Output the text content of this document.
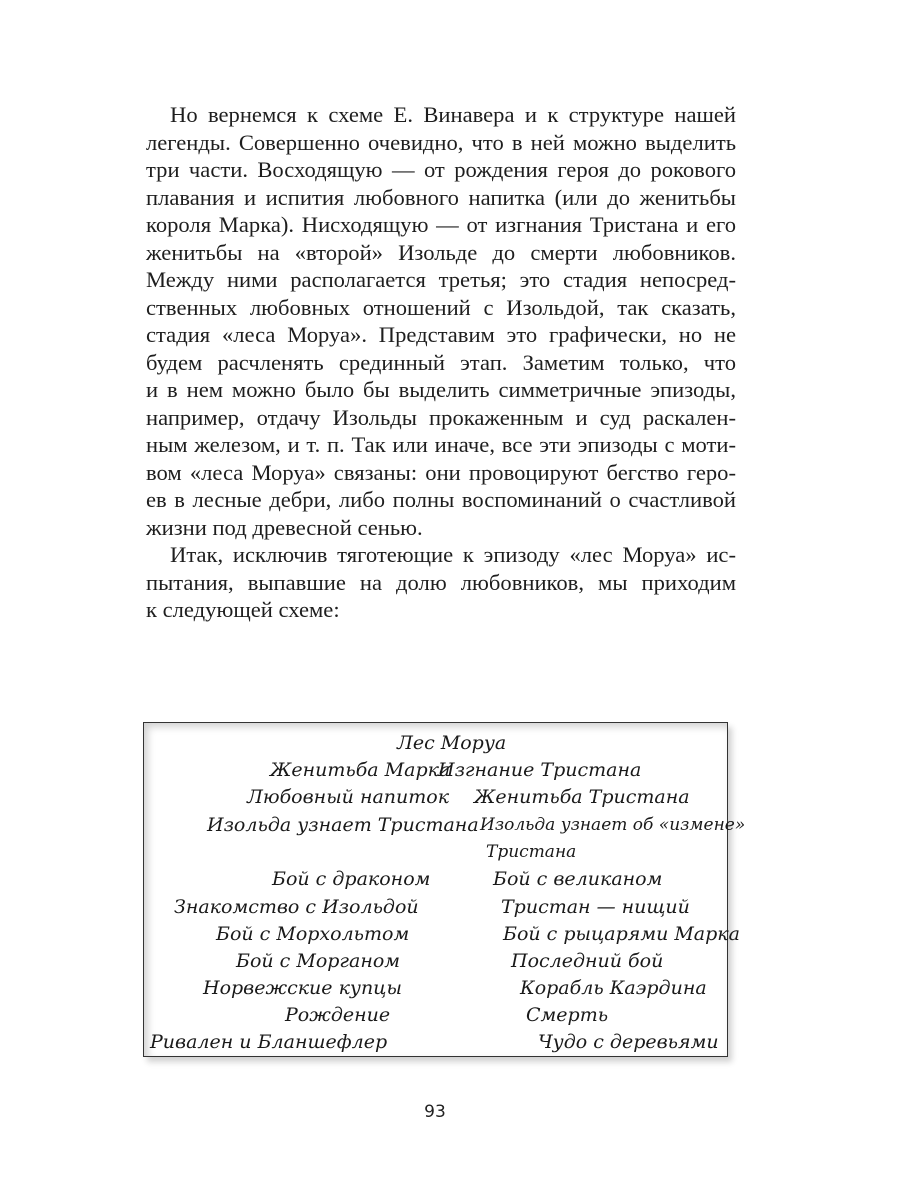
Но вернемся к схеме Е. Винавера и к структуре нашей
легенды. Совершенно очевидно, что в ней можно выделить
три части. Восходящую — от рождения героя до рокового
плавания и испития любовного напитка (или до женитьбы
короля Марка). Нисходящую — от изгнания Тристана и его
женитьбы на «второй» Изольде до смерти любовников.
Между ними располагается третья; это стадия непосред-
ственных любовных отношений с Изольдой, так сказать,
стадия «леса Моруа». Представим это графически, но не
будем расчленять срединный этап. Заметим только, что
и в нем можно было бы выделить симметричные эпизоды,
например, отдачу Изольды прокаженным и суд раскален-
ным железом, и т. п. Так или иначе, все эти эпизоды с моти-
вом «леса Моруа» связаны: они провоцируют бегство геро-
ев в лесные дебри, либо полны воспоминаний о счастливой
жизни под древесной сенью.

Итак, исключив тяготеющие к эпизоду «лес Моруа» ис-
пытания, выпавшие на долю любовников, мы приходим
к следующей схеме:

Лес Моруа
Женитьба Марка
Любовный напиток
Изольда узнает Тристана
Бой с драконом
Знакомство с Изольдой
Бой с Морхольтом
Бой с Морганом
Норвежские купцы
Рождение
Ривален и Бланшефлер
Изгнание Тристана
Женитьба Тристана
Изольда узнает об «измене»
Тристана
Бой с великаном
Тристан — нищий
Бой с рыцарями Марка
Последний бой
Корабль Каэрдина
Смерть
Чудо с деревьями
93
